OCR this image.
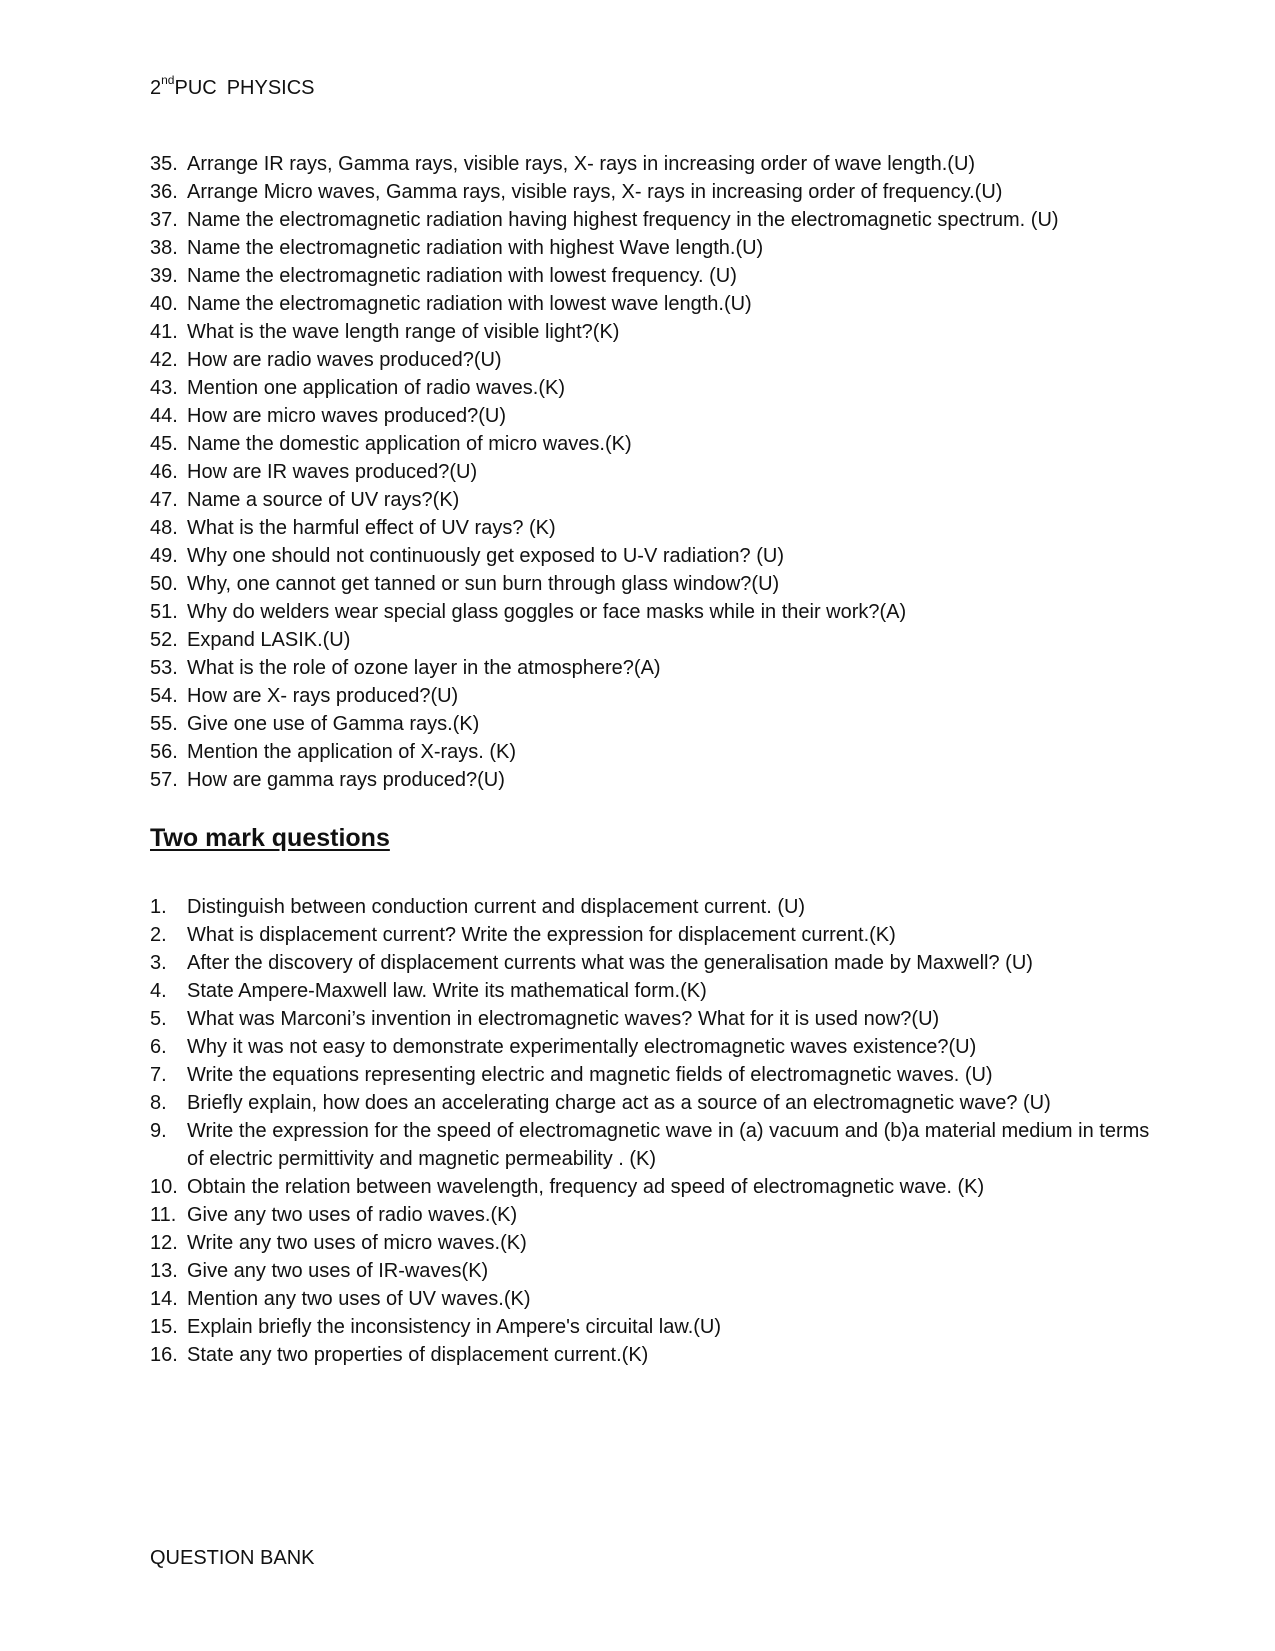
2ndPUC PHYSICS
35. Arrange IR rays, Gamma rays, visible rays, X- rays in increasing order of wave length.(U)
36. Arrange Micro waves, Gamma rays, visible rays, X- rays in increasing order of frequency.(U)
37. Name the electromagnetic radiation having highest frequency in the electromagnetic spectrum. (U)
38. Name the electromagnetic radiation with highest Wave length.(U)
39. Name the electromagnetic radiation with lowest frequency. (U)
40. Name the electromagnetic radiation with lowest wave length.(U)
41. What is the wave length range of visible light?(K)
42. How are radio waves produced?(U)
43. Mention one application of radio waves.(K)
44. How are micro waves produced?(U)
45. Name the domestic application of micro waves.(K)
46. How are IR waves produced?(U)
47. Name a source of UV rays?(K)
48. What is the harmful effect of UV rays? (K)
49. Why one should not continuously get exposed to U-V radiation? (U)
50. Why, one cannot get tanned or sun burn through glass window?(U)
51. Why do welders wear special glass goggles or face masks while in their work?(A)
52. Expand LASIK.(U)
53. What is the role of ozone layer in the atmosphere?(A)
54. How are X- rays produced?(U)
55. Give one use of Gamma rays.(K)
56. Mention the application of X-rays. (K)
57. How are gamma rays produced?(U)
Two mark questions
1.	Distinguish between conduction current and displacement current. (U)
2.	What is displacement current? Write the expression for displacement current.(K)
3.	After the discovery of displacement currents what was the generalisation made by Maxwell? (U)
4.	State Ampere-Maxwell law. Write its mathematical form.(K)
5.	What was Marconi’s invention in electromagnetic waves? What for it is used now?(U)
6.	Why it was not easy to demonstrate experimentally electromagnetic waves existence?(U)
7.	Write the equations representing electric and magnetic fields of electromagnetic waves. (U)
8.	Briefly explain, how does an accelerating charge act as a source of an electromagnetic wave? (U)
9.	Write the expression for the speed of electromagnetic wave in (a) vacuum and (b)a material medium in terms of electric permittivity and magnetic permeability . (K)
10. Obtain the relation between wavelength, frequency ad speed of electromagnetic wave. (K)
11. Give any two uses of radio waves.(K)
12. Write any two uses of micro waves.(K)
13. Give any two uses of IR-waves(K)
14. Mention any two uses of UV waves.(K)
15. Explain briefly the inconsistency in Ampere's circuital law.(U)
16. State any two properties of displacement current.(K)
QUESTION BANK
